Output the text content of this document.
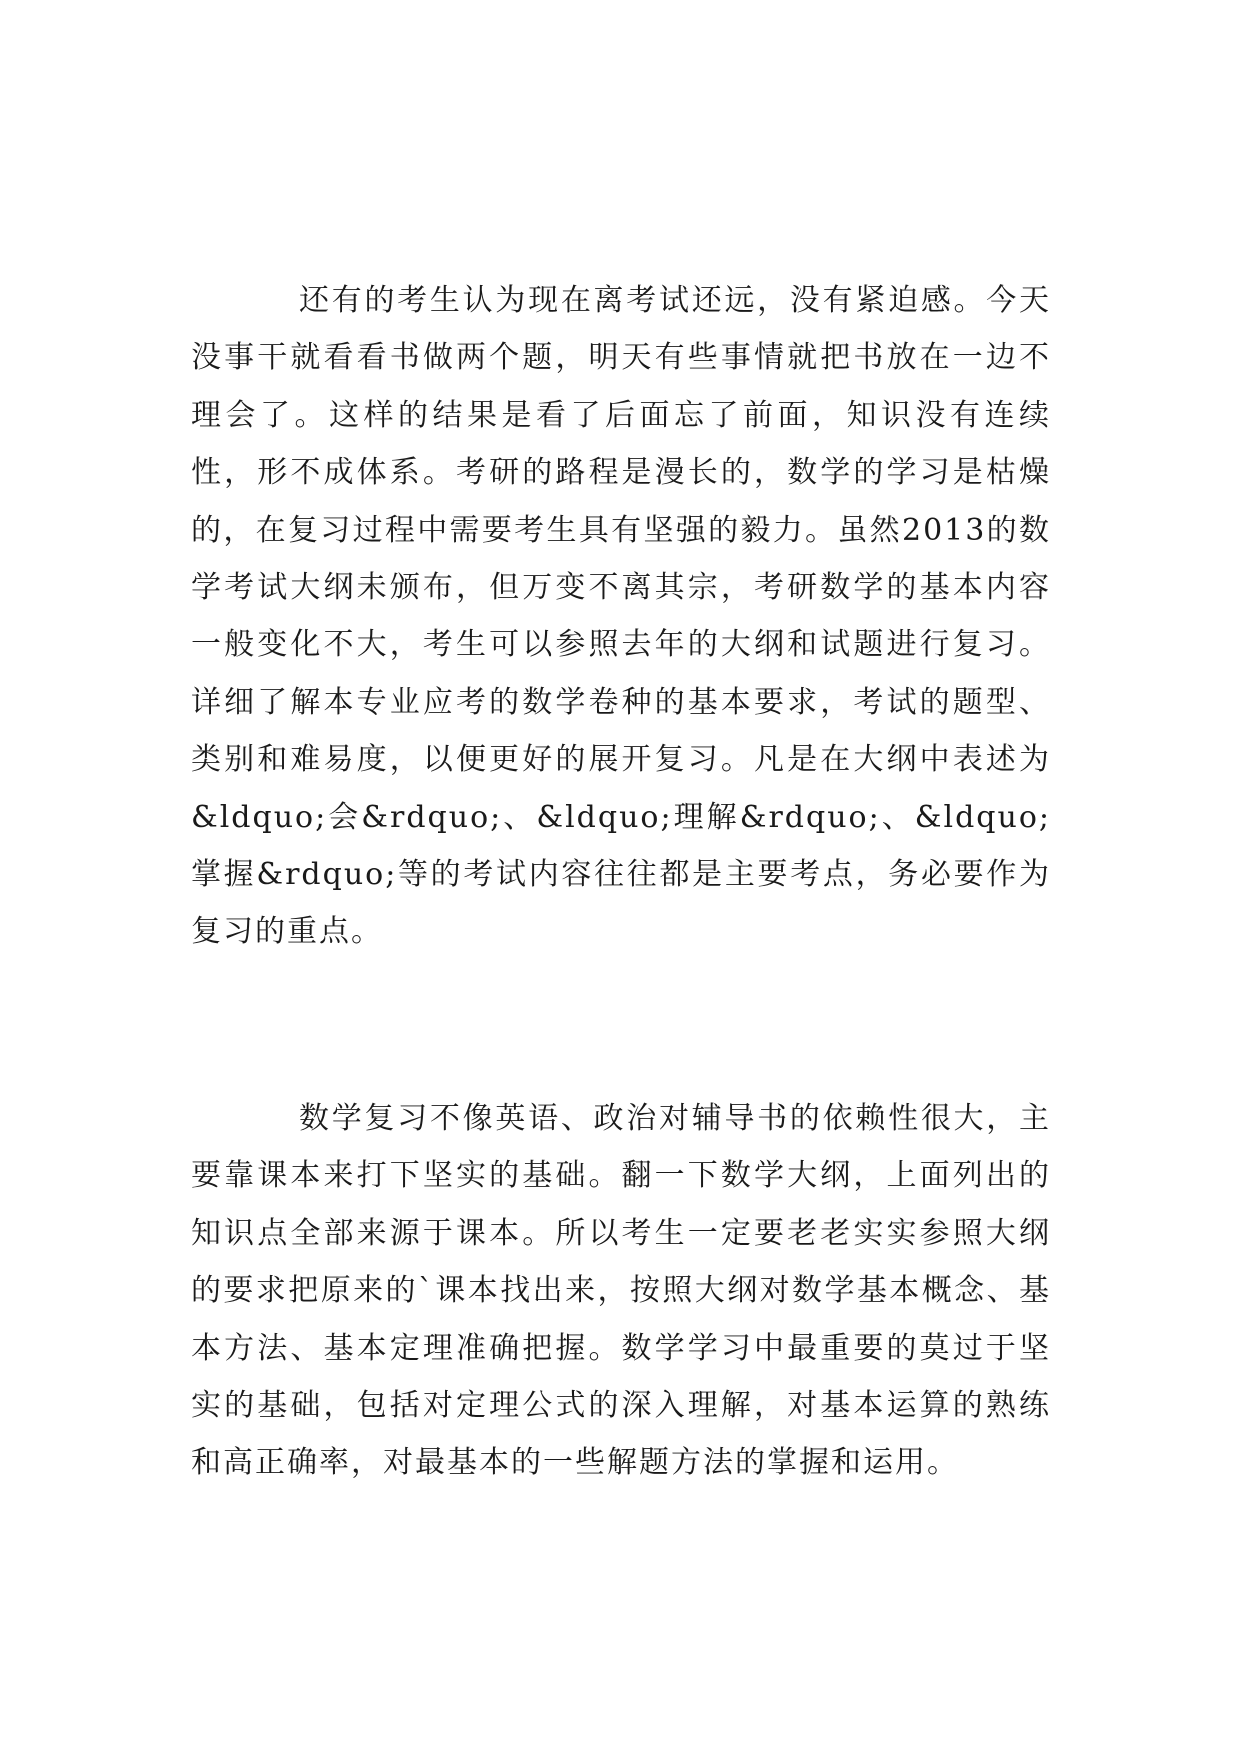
还有的考生认为现在离考试还远，没有紧迫感。今天没事干就看看书做两个题，明天有些事情就把书放在一边不理会了。这样的结果是看了后面忘了前面，知识没有连续性，形不成体系。考研的路程是漫长的，数学的学习是枯燥的，在复习过程中需要考生具有坚强的毅力。虽然2013的数学考试大纲未颁布，但万变不离其宗，考研数学的基本内容一般变化不大，考生可以参照去年的大纲和试题进行复习。详细了解本专业应考的数学卷种的基本要求，考试的题型、类别和难易度，以便更好的展开复习。凡是在大纲中表述为&ldquo;会&rdquo;、&ldquo;理解&rdquo;、&ldquo;掌握&rdquo;等的考试内容往往都是主要考点，务必要作为复习的重点。

数学复习不像英语、政治对辅导书的依赖性很大，主要靠课本来打下坚实的基础。翻一下数学大纲，上面列出的知识点全部来源于课本。所以考生一定要老老实实参照大纲的要求把原来的`课本找出来，按照大纲对数学基本概念、基本方法、基本定理准确把握。数学学习中最重要的莫过于坚实的基础，包括对定理公式的深入理解，对基本运算的熟练和高正确率，对最基本的一些解题方法的掌握和运用。
